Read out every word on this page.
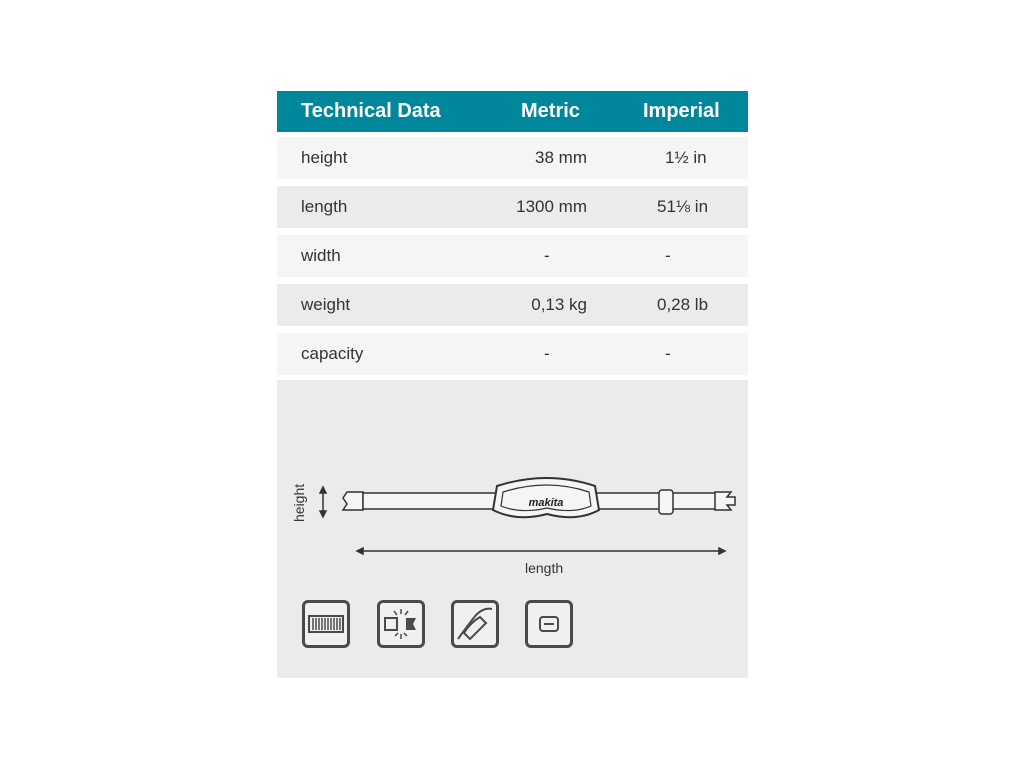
Technical Data	Metric	Imperial
height	38 mm	1½ in
length	1300 mm	51⅛ in
width	-	-
weight	0,13 kg	0,28 lb
capacity	-	-
makita
height
length
